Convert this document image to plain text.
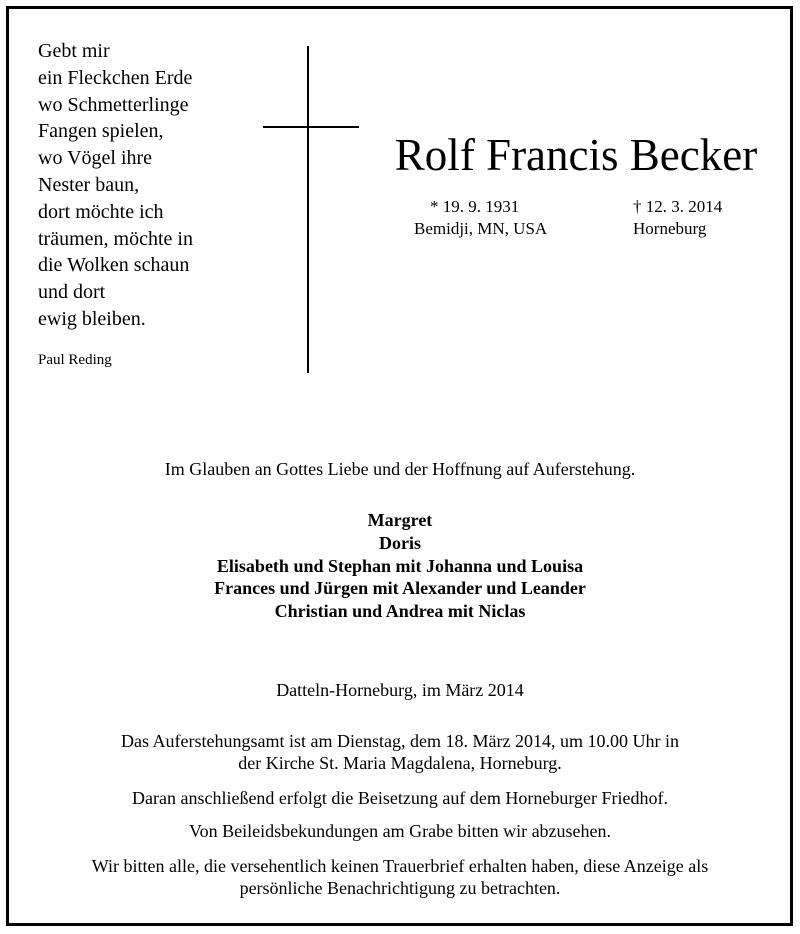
Gebt mir
ein Fleckchen Erde
wo Schmetterlinge
Fangen spielen,
wo Vögel ihre
Nester baun,
dort möchte ich
träumen, möchte in
die Wolken schaun
und dort
ewig bleiben.
Paul Reding
Rolf Francis Becker
* 19. 9. 1931
Bemidji, MN, USA
† 12. 3. 2014
Horneburg
Im Glauben an Gottes Liebe und der Hoffnung auf Auferstehung.
Margret
Doris
Elisabeth und Stephan mit Johanna und Louisa
Frances und Jürgen mit Alexander und Leander
Christian und Andrea mit Niclas
Datteln-Horneburg, im März 2014
Das Auferstehungsamt ist am Dienstag, dem 18. März 2014, um 10.00 Uhr in
der Kirche St. Maria Magdalena, Horneburg.
Daran anschließend erfolgt die Beisetzung auf dem Horneburger Friedhof.
Von Beileidsbekundungen am Grabe bitten wir abzusehen.
Wir bitten alle, die versehentlich keinen Trauerbrief erhalten haben, diese Anzeige als
persönliche Benachrichtigung zu betrachten.
